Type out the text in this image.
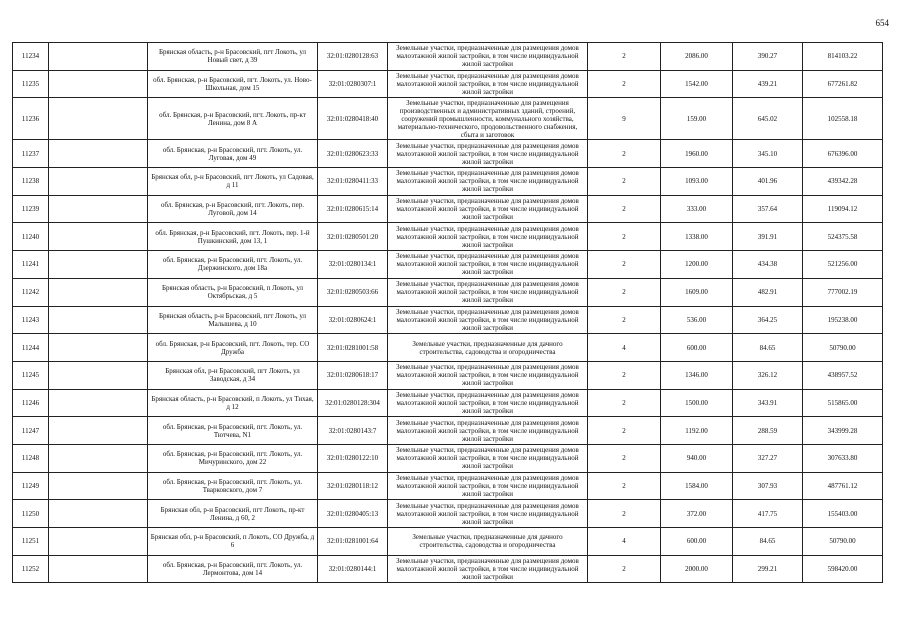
654
11234		Брянская область, р-н Брасовский, пгт Локоть, ул Новый свет, д 39	32:01:0280128:63	Земельные участки, предназначенные для размещения домов малоэтажной жилой застройки, в том числе индивидуальной жилой застройки	2	2086.00	390.27	814103.22
11235		обл. Брянская, р-н Брасовский, пгт. Локоть, ул. Ново-Школьная, дом 15	32:01:0280307:1	Земельные участки, предназначенные для размещения домов малоэтажной жилой застройки, в том числе индивидуальной жилой застройки	2	1542.00	439.21	677261.82
11236		обл. Брянская, р-н Брасовский, пгт. Локоть, пр-кт Ленина, дом 8 А	32:01:0280418:40	Земельные участки, предназначенные для размещения производственных и административных зданий, строений, сооружений промышленности, коммунального хозяйства, материально-технического, продовольственного снабжения, сбыта и заготовок	9	159.00	645.02	102558.18
11237		обл. Брянская, р-н Брасовский, пгт. Локоть, ул. Луговая, дом 49	32:01:0280623:33	Земельные участки, предназначенные для размещения домов малоэтажной жилой застройки, в том числе индивидуальной жилой застройки	2	1960.00	345.10	676396.00
11238		Брянская обл, р-н Брасовский, пгт Локоть, ул Садовая, д 11	32:01:0280411:33	Земельные участки, предназначенные для размещения домов малоэтажной жилой застройки, в том числе индивидуальной жилой застройки	2	1093.00	401.96	439342.28
11239		обл. Брянская, р-н Брасовский, пгт. Локоть, пер. Луговой, дом 14	32:01:0280615:14	Земельные участки, предназначенные для размещения домов малоэтажной жилой застройки, в том числе индивидуальной жилой застройки	2	333.00	357.64	119094.12
11240		обл. Брянская, р-н Брасовский, пгт. Локоть, пер. 1-й Пушкинский, дом 13, 1	32:01:0280501:20	Земельные участки, предназначенные для размещения домов малоэтажной жилой застройки, в том числе индивидуальной жилой застройки	2	1338.00	391.91	524375.58
11241		обл. Брянская, р-н Брасовский, пгт. Локоть, ул. Дзержинского, дом 18а	32:01:0280134:1	Земельные участки, предназначенные для размещения домов малоэтажной жилой застройки, в том числе индивидуальной жилой застройки	2	1200.00	434.38	521256.00
11242		Брянская область, р-н Брасовский, п Локоть, ул Октябрьская, д 5	32:01:0280503:66	Земельные участки, предназначенные для размещения домов малоэтажной жилой застройки, в том числе индивидуальной жилой застройки	2	1609.00	482.91	777002.19
11243		Брянская область, р-н Брасовский, пгт Локоть, ул Малышева, д 10	32:01:0280624:1	Земельные участки, предназначенные для размещения домов малоэтажной жилой застройки, в том числе индивидуальной жилой застройки	2	536.00	364.25	195238.00
11244		обл. Брянская, р-н Брасовский, пгт. Локоть, тер. СО Дружба	32:01:0281001:58	Земельные участки, предназначенные для дачного строительства, садоводства и огородничества	4	600.00	84.65	50790.00
11245		Брянская обл, р-н Брасовский, пгт Локоть, ул Заводская, д 34	32:01:0280618:17	Земельные участки, предназначенные для размещения домов малоэтажной жилой застройки, в том числе индивидуальной жилой застройки	2	1346.00	326.12	438957.52
11246		Брянская область, р-н Брасовский, п Локоть, ул Тихая, д 12	32:01:0280128:304	Земельные участки, предназначенные для размещения домов малоэтажной жилой застройки, в том числе индивидуальной жилой застройки	2	1500.00	343.91	515865.00
11247		обл. Брянская, р-н Брасовский, пгт. Локоть, ул. Тютчева, N1	32:01:0280143:7	Земельные участки, предназначенные для размещения домов малоэтажной жилой застройки, в том числе индивидуальной жилой застройки	2	1192.00	288.59	343999.28
11248		обл. Брянская, р-н Брасовский, пгт. Локоть, ул. Мичуринского, дом 22	32:01:0280122:10	Земельные участки, предназначенные для размещения домов малоэтажной жилой застройки, в том числе индивидуальной жилой застройки	2	940.00	327.27	307633.80
11249		обл. Брянская, р-н Брасовский, пгт. Локоть, ул. Тварковского, дом 7	32:01:0280118:12	Земельные участки, предназначенные для размещения домов малоэтажной жилой застройки, в том числе индивидуальной жилой застройки	2	1584.00	307.93	487761.12
11250		Брянская обл, р-н Брасовский, пгт Локоть, пр-кт Ленина, д 60, 2	32:01:0280405:13	Земельные участки, предназначенные для размещения домов малоэтажной жилой застройки, в том числе индивидуальной жилой застройки	2	372.00	417.75	155403.00
11251		Брянская обл, р-н Брасовский, п Локоть, СО Дружба, д 6	32:01:0281001:64	Земельные участки, предназначенные для дачного строительства, садоводства и огородничества	4	600.00	84.65	50790.00
11252		обл. Брянская, р-н Брасовский, пгт. Локоть, ул. Лермонтова, дом 14	32:01:0280144:1	Земельные участки, предназначенные для размещения домов малоэтажной жилой застройки, в том числе индивидуальной жилой застройки	2	2000.00	299.21	598420.00
